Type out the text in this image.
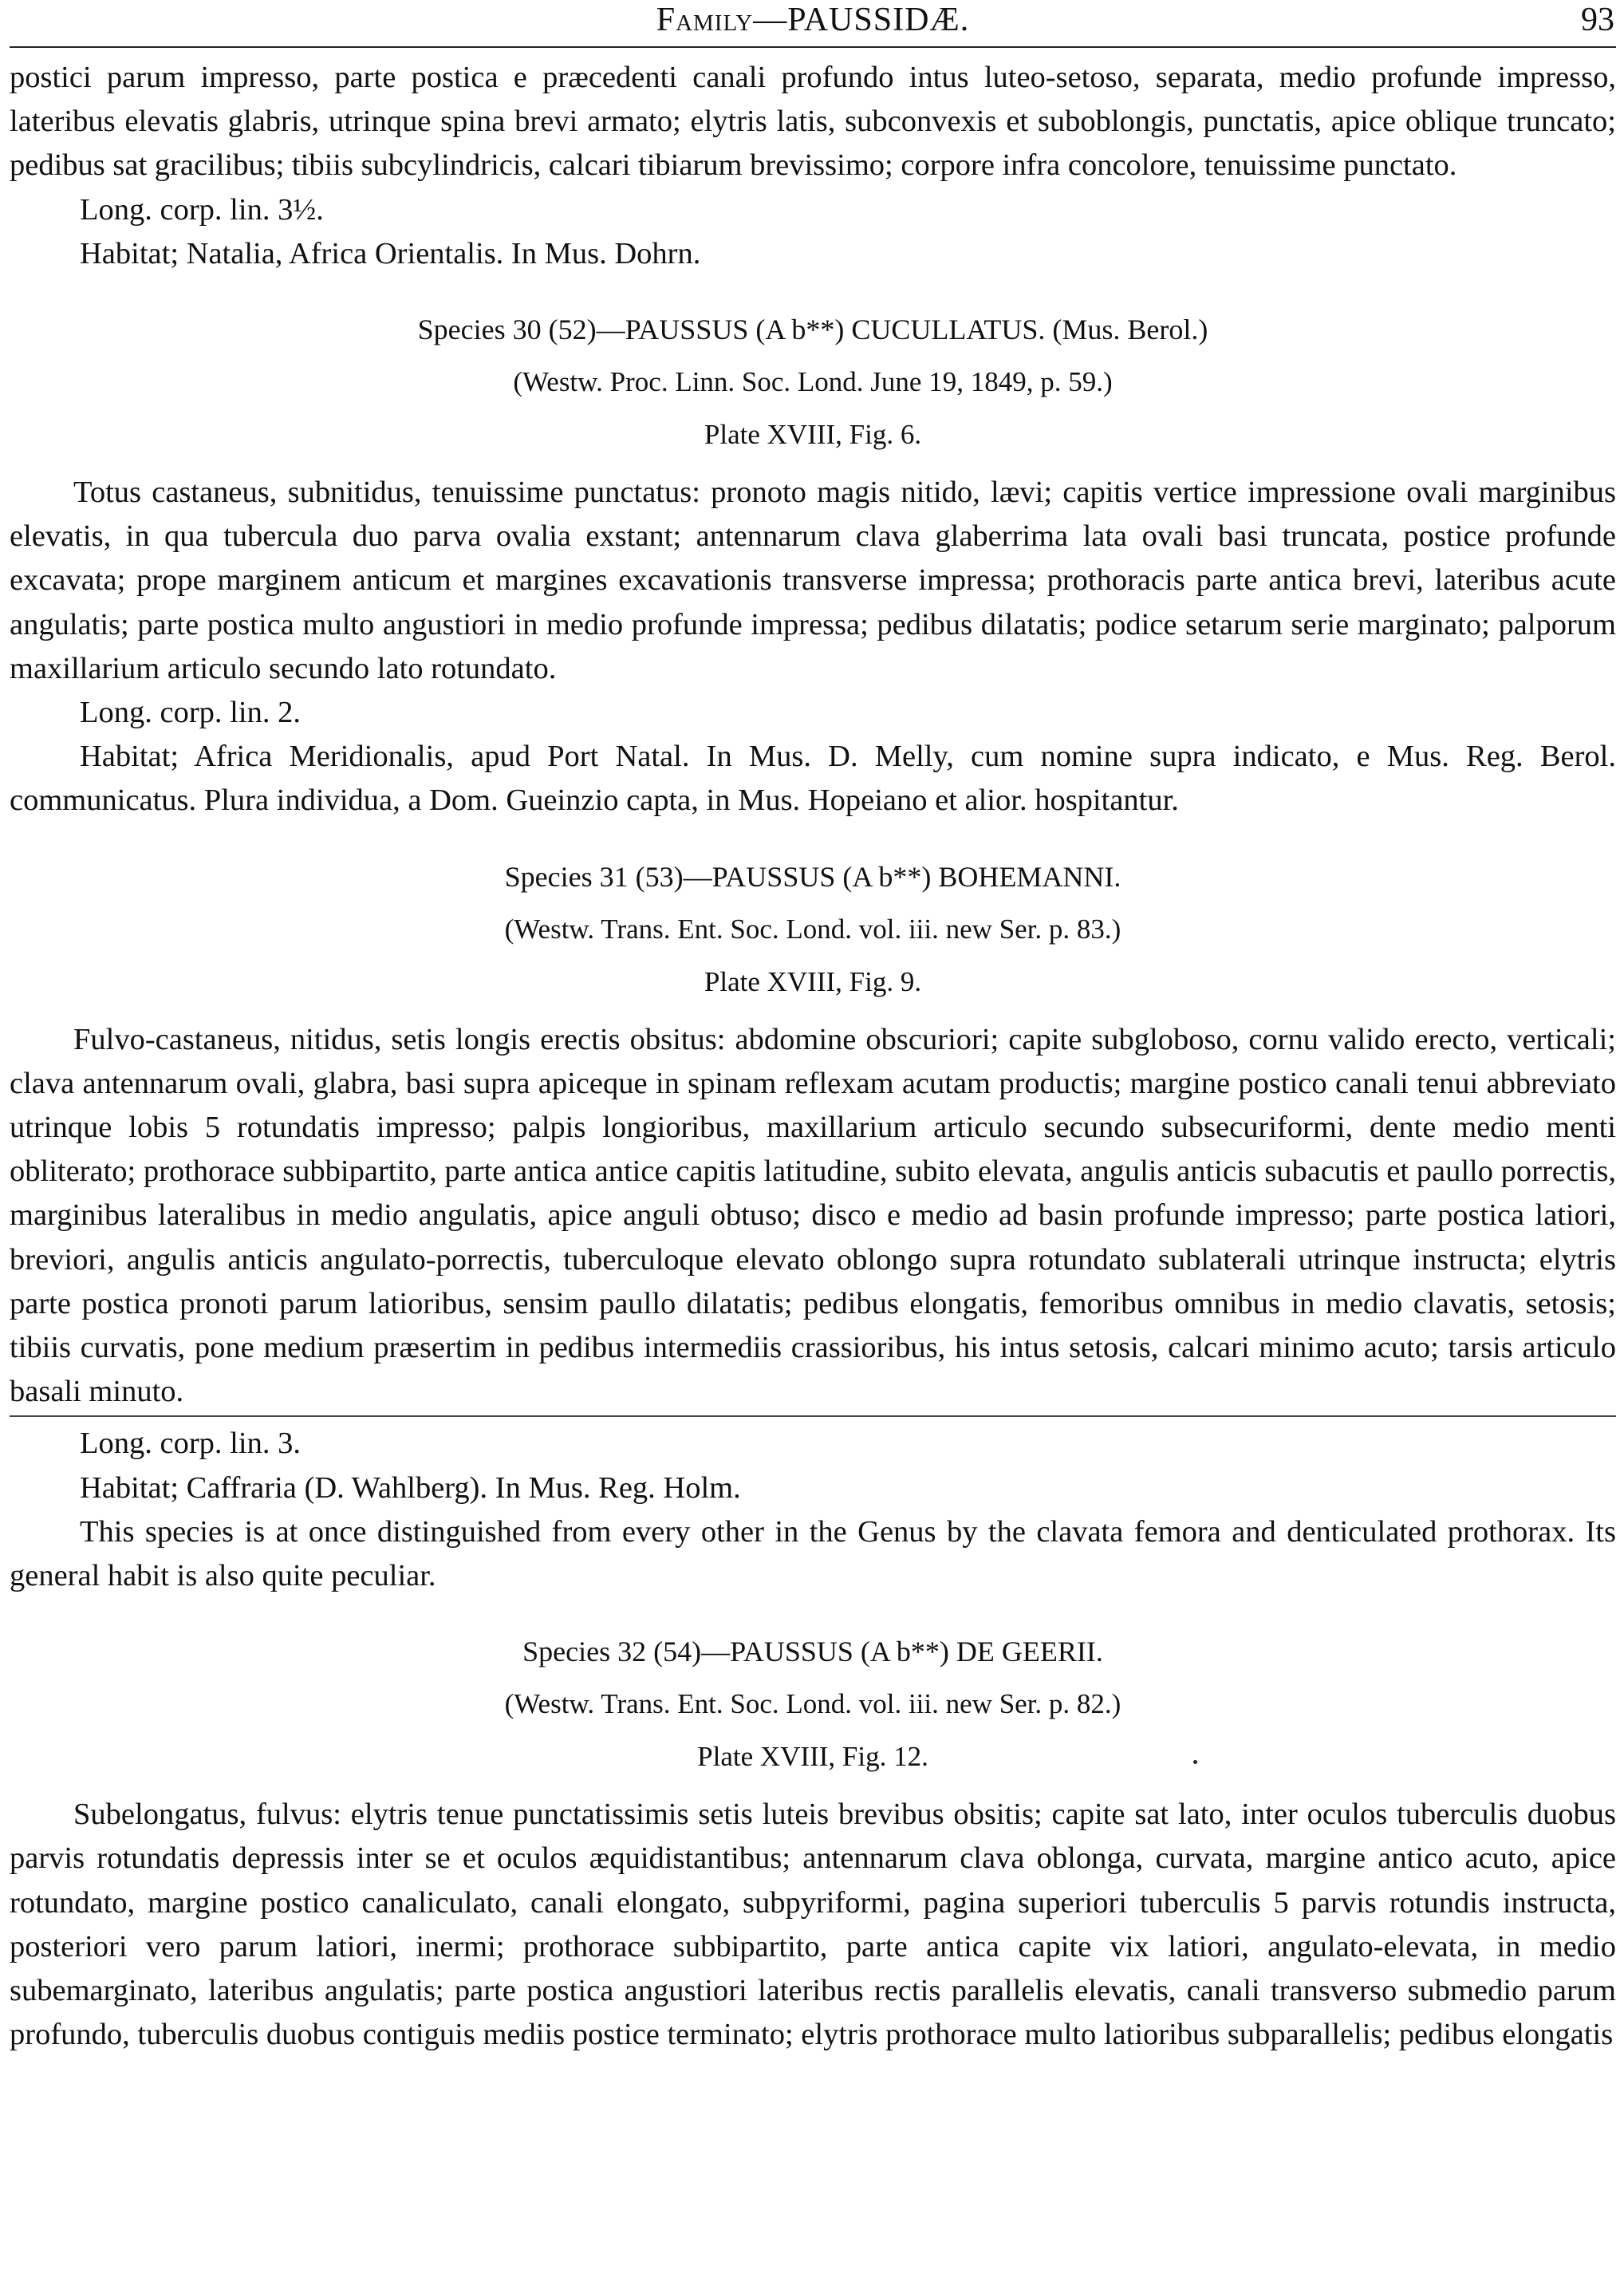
Family—PAUSSIDÆ.	93

postici parum impresso, parte postica e præcedenti canali profundo intus luteo-setoso, separata, medio profunde impresso, lateribus elevatis glabris, utrinque spina brevi armato; elytris latis, subconvexis et suboblongis, punctatis, apice oblique truncato; pedibus sat gracilibus; tibiis subcylindricis, calcari tibiarum brevissimo; corpore infra concolore, tenuissime punctato.

Long. corp. lin. 3½.

Habitat; Natalia, Africa Orientalis. In Mus. Dohrn.

Species 30 (52)—PAUSSUS (A b**) CUCULLATUS. (Mus. Berol.)
(Westw. Proc. Linn. Soc. Lond. June 19, 1849, p. 59.)
Plate XVIII, Fig. 6.

Totus castaneus, subnitidus, tenuissime punctatus: pronoto magis nitido, lævi; capitis vertice impressione ovali marginibus elevatis, in qua tubercula duo parva ovalia exstant; antennarum clava glaberrima lata ovali basi truncata, postice profunde excavata; prope marginem anticum et margines excavationis transverse impressa; prothoracis parte antica brevi, lateribus acute angulatis; parte postica multo angustiori in medio profunde impressa; pedibus dilatatis; podice setarum serie marginato; palporum maxillarium articulo secundo lato rotundato.

Long. corp. lin. 2.

Habitat; Africa Meridionalis, apud Port Natal. In Mus. D. Melly, cum nomine supra indicato, e Mus. Reg. Berol. communicatus. Plura individua, a Dom. Gueinzio capta, in Mus. Hopeiano et alior. hospitantur.

Species 31 (53)—PAUSSUS (A b**) BOHEMANNI.
(Westw. Trans. Ent. Soc. Lond. vol. iii. new Ser. p. 83.)
Plate XVIII, Fig. 9.

Fulvo-castaneus, nitidus, setis longis erectis obsitus: abdomine obscuriori; capite subgloboso, cornu valido erecto, verticali; clava antennarum ovali, glabra, basi supra apiceque in spinam reflexam acutam productis; margine postico canali tenui abbreviato utrinque lobis 5 rotundatis impresso; palpis longioribus, maxillarium articulo secundo subsecuriformi, dente medio menti obliterato; prothorace subbipartito, parte antica antice capitis latitudine, subito elevata, angulis anticis subacutis et paullo porrectis, marginibus lateralibus in medio angulatis, apice anguli obtuso; disco e medio ad basin profunde impresso; parte postica latiori, breviori, angulis anticis angulato-porrectis, tuberculoque elevato oblongo supra rotundato sublaterali utrinque instructa; elytris parte postica pronoti parum latioribus, sensim paullo dilatatis; pedibus elongatis, femoribus omnibus in medio clavatis, setosis; tibiis curvatis, pone medium præsertim in pedibus intermediis crassioribus, his intus setosis, calcari minimo acuto; tarsis articulo basali minuto.

Long. corp. lin. 3.

Habitat; Caffraria (D. Wahlberg). In Mus. Reg. Holm.

This species is at once distinguished from every other in the Genus by the clavata femora and denticulated prothorax. Its general habit is also quite peculiar.

Species 32 (54)—PAUSSUS (A b**) DE GEERII.
(Westw. Trans. Ent. Soc. Lond. vol. iii. new Ser. p. 82.)
Plate XVIII, Fig. 12.

Subelongatus, fulvus: elytris tenue punctatissimis setis luteis brevibus obsitis; capite sat lato, inter oculos tuberculis duobus parvis rotundatis depressis inter se et oculos æquidistantibus; antennarum clava oblonga, curvata, margine antico acuto, apice rotundato, margine postico canaliculato, canali elongato, subpyriformi, pagina superiori tuberculis 5 parvis rotundis instructa, posteriori vero parum latiori, inermi; prothorace subbipartito, parte antica capite vix latiori, angulato-elevata, in medio subemarginato, lateribus angulatis; parte postica angustiori lateribus rectis parallelis elevatis, canali transverso submedio parum profundo, tuberculis duobus contiguis mediis postice terminato; elytris prothorace multo latioribus subparallelis; pedibus elongatis
